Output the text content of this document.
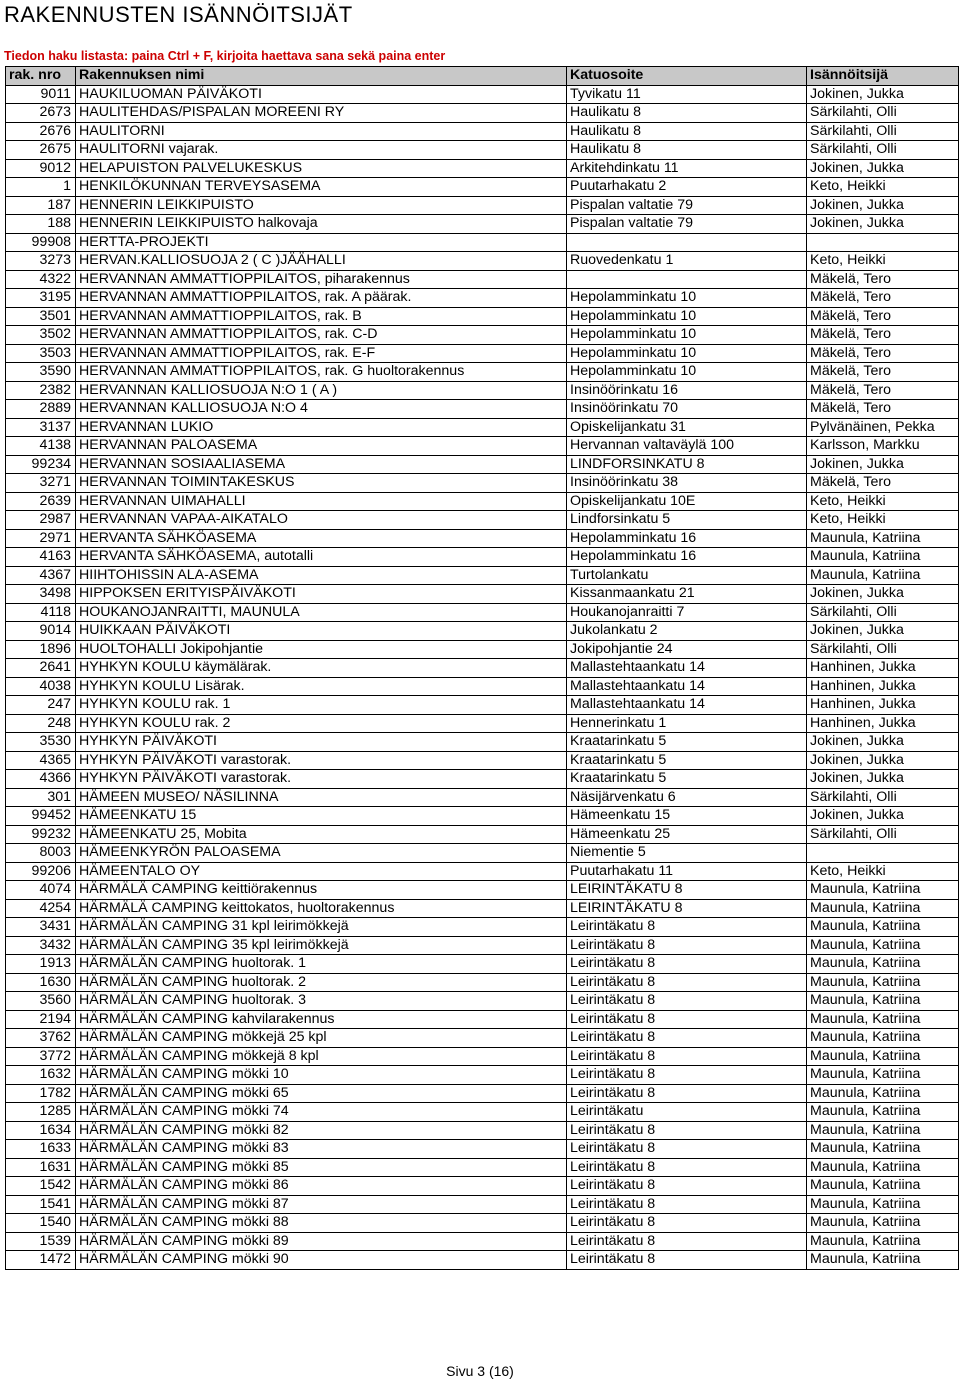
RAKENNUSTEN ISÄNNÖITSIJÄT
Tiedon haku listasta: paina Ctrl + F, kirjoita haettava sana sekä paina enter
rak. nro	Rakennuksen nimi	Katuosoite	Isännöitsijä
9011	HAUKILUOMAN PÄIVÄKOTI	Tyvikatu 11	Jokinen, Jukka
2673	HAULITEHDAS/PISPALAN MOREENI RY	Haulikatu 8	Särkilahti, Olli
2676	HAULITORNI	Haulikatu 8	Särkilahti, Olli
2675	HAULITORNI vajarak.	Haulikatu 8	Särkilahti, Olli
9012	HELAPUISTON PALVELUKESKUS	Arkitehdinkatu 11	Jokinen, Jukka
1	HENKILÖKUNNAN TERVEYSASEMA	Puutarhakatu 2	Keto, Heikki
187	HENNERIN LEIKKIPUISTO	Pispalan valtatie 79	Jokinen, Jukka
188	HENNERIN LEIKKIPUISTO halkovaja	Pispalan valtatie 79	Jokinen, Jukka
99908	HERTTA-PROJEKTI		
3273	HERVAN.KALLIOSUOJA 2 ( C )JÄÄHALLI	Ruovedenkatu 1	Keto, Heikki
4322	HERVANNAN AMMATTIOPPILAITOS, piharakennus		Mäkelä, Tero
3195	HERVANNAN AMMATTIOPPILAITOS, rak. A päärak.	Hepolamminkatu 10	Mäkelä, Tero
3501	HERVANNAN AMMATTIOPPILAITOS, rak. B	Hepolamminkatu 10	Mäkelä, Tero
3502	HERVANNAN AMMATTIOPPILAITOS, rak. C-D	Hepolamminkatu 10	Mäkelä, Tero
3503	HERVANNAN AMMATTIOPPILAITOS, rak. E-F	Hepolamminkatu 10	Mäkelä, Tero
3590	HERVANNAN AMMATTIOPPILAITOS, rak. G huoltorakennus	Hepolamminkatu 10	Mäkelä, Tero
2382	HERVANNAN KALLIOSUOJA N:O 1 ( A )	Insinöörinkatu 16	Mäkelä, Tero
2889	HERVANNAN KALLIOSUOJA N:O 4	Insinöörinkatu 70	Mäkelä, Tero
3137	HERVANNAN LUKIO	Opiskelijankatu 31	Pylvänäinen, Pekka
4138	HERVANNAN PALOASEMA	Hervannan valtaväylä 100	Karlsson, Markku
99234	HERVANNAN SOSIAALIASEMA	LINDFORSINKATU 8	Jokinen, Jukka
3271	HERVANNAN TOIMINTAKESKUS	Insinöörinkatu 38	Mäkelä, Tero
2639	HERVANNAN UIMAHALLI	Opiskelijankatu 10E	Keto, Heikki
2987	HERVANNAN VAPAA-AIKATALO	Lindforsinkatu 5	Keto, Heikki
2971	HERVANTA SÄHKÖASEMA	Hepolamminkatu 16	Maunula, Katriina
4163	HERVANTA SÄHKÖASEMA, autotalli	Hepolamminkatu 16	Maunula, Katriina
4367	HIIHTOHISSIN ALA-ASEMA	Turtolankatu	Maunula, Katriina
3498	HIPPOKSEN ERITYISPÄIVÄKOTI	Kissanmaankatu 21	Jokinen, Jukka
4118	HOUKANOJANRAITTI, MAUNULA	Houkanojanraitti 7	Särkilahti, Olli
9014	HUIKKAAN PÄIVÄKOTI	Jukolankatu 2	Jokinen, Jukka
1896	HUOLTOHALLI Jokipohjantie	Jokipohjantie 24	Särkilahti, Olli
2641	HYHKYN KOULU käymälärak.	Mallastehtaankatu 14	Hanhinen, Jukka
4038	HYHKYN KOULU Lisärak.	Mallastehtaankatu 14	Hanhinen, Jukka
247	HYHKYN KOULU rak. 1	Mallastehtaankatu 14	Hanhinen, Jukka
248	HYHKYN KOULU rak. 2	Hennerinkatu 1	Hanhinen, Jukka
3530	HYHKYN PÄIVÄKOTI	Kraatarinkatu 5	Jokinen, Jukka
4365	HYHKYN PÄIVÄKOTI varastorak.	Kraatarinkatu 5	Jokinen, Jukka
4366	HYHKYN PÄIVÄKOTI varastorak.	Kraatarinkatu 5	Jokinen, Jukka
301	HÄMEEN MUSEO/ NÄSILINNA	Näsijärvenkatu 6	Särkilahti, Olli
99452	HÄMEENKATU 15	Hämeenkatu 15	Jokinen, Jukka
99232	HÄMEENKATU 25, Mobita	Hämeenkatu 25	Särkilahti, Olli
8003	HÄMEENKYRÖN PALOASEMA	Niementie 5	
99206	HÄMEENTALO OY	Puutarhakatu 11	Keto, Heikki
4074	HÄRMÄLÄ CAMPING keittiörakennus	LEIRINTÄKATU 8	Maunula, Katriina
4254	HÄRMÄLÄ CAMPING keittokatos, huoltorakennus	LEIRINTÄKATU 8	Maunula, Katriina
3431	HÄRMÄLÄN CAMPING 31 kpl leirimökkejä	Leirintäkatu 8	Maunula, Katriina
3432	HÄRMÄLÄN CAMPING 35 kpl leirimökkejä	Leirintäkatu 8	Maunula, Katriina
1913	HÄRMÄLÄN CAMPING huoltorak. 1	Leirintäkatu 8	Maunula, Katriina
1630	HÄRMÄLÄN CAMPING huoltorak. 2	Leirintäkatu 8	Maunula, Katriina
3560	HÄRMÄLÄN CAMPING huoltorak. 3	Leirintäkatu 8	Maunula, Katriina
2194	HÄRMÄLÄN CAMPING kahvilarakennus	Leirintäkatu 8	Maunula, Katriina
3762	HÄRMÄLÄN CAMPING mökkejä 25 kpl	Leirintäkatu 8	Maunula, Katriina
3772	HÄRMÄLÄN CAMPING mökkejä 8 kpl	Leirintäkatu 8	Maunula, Katriina
1632	HÄRMÄLÄN CAMPING mökki 10	Leirintäkatu 8	Maunula, Katriina
1782	HÄRMÄLÄN CAMPING mökki 65	Leirintäkatu 8	Maunula, Katriina
1285	HÄRMÄLÄN CAMPING mökki 74	Leirintäkatu	Maunula, Katriina
1634	HÄRMÄLÄN CAMPING mökki 82	Leirintäkatu 8	Maunula, Katriina
1633	HÄRMÄLÄN CAMPING mökki 83	Leirintäkatu 8	Maunula, Katriina
1631	HÄRMÄLÄN CAMPING mökki 85	Leirintäkatu 8	Maunula, Katriina
1542	HÄRMÄLÄN CAMPING mökki 86	Leirintäkatu 8	Maunula, Katriina
1541	HÄRMÄLÄN CAMPING mökki 87	Leirintäkatu 8	Maunula, Katriina
1540	HÄRMÄLÄN CAMPING mökki 88	Leirintäkatu 8	Maunula, Katriina
1539	HÄRMÄLÄN CAMPING mökki 89	Leirintäkatu 8	Maunula, Katriina
1472	HÄRMÄLÄN CAMPING mökki 90	Leirintäkatu 8	Maunula, Katriina
Sivu 3 (16)
